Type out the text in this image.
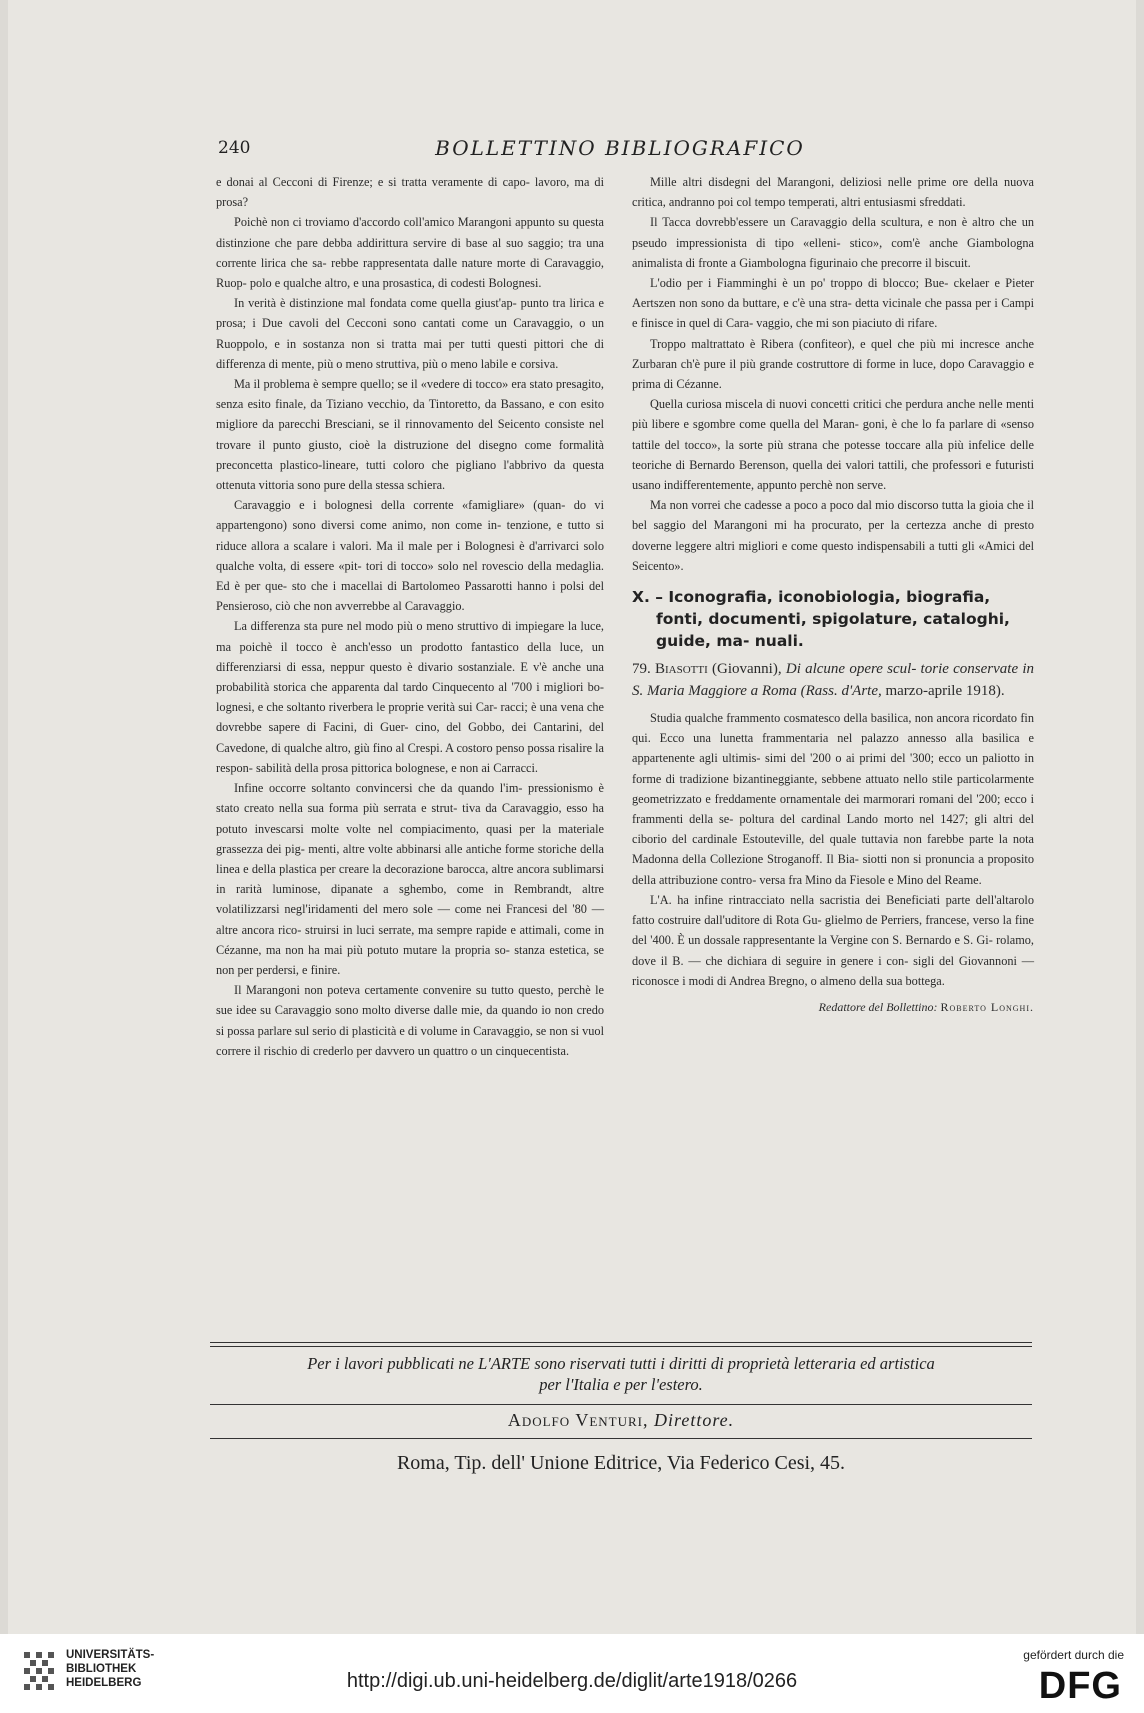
240	BOLLETTINO BIBLIOGRAFICO

e donai al Cecconi di Firenze; e si tratta veramente di capo- lavoro, ma di prosa?

Poichè non ci troviamo d'accordo coll'amico Marangoni appunto su questa distinzione che pare debba addirittura servire di base al suo saggio; tra una corrente lirica che sa- rebbe rappresentata dalle nature morte di Caravaggio, Ruop- polo e qualche altro, e una prosastica, di codesti Bolognesi.

In verità è distinzione mal fondata come quella giust'ap- punto tra lirica e prosa; i Due cavoli del Cecconi sono cantati come un Caravaggio, o un Ruoppolo, e in sostanza non si tratta mai per tutti questi pittori che di differenza di mente, più o meno struttiva, più o meno labile e corsiva.

Ma il problema è sempre quello; se il «vedere di tocco» era stato presagito, senza esito finale, da Tiziano vecchio, da Tintoretto, da Bassano, e con esito migliore da parecchi Bresciani, se il rinnovamento del Seicento consiste nel trovare il punto giusto, cioè la distruzione del disegno come formalità preconcetta plastico-lineare, tutti coloro che pigliano l'abbrivo da questa ottenuta vittoria sono pure della stessa schiera.

Caravaggio e i bolognesi della corrente «famigliare» (quan- do vi appartengono) sono diversi come animo, non come in- tenzione, e tutto si riduce allora a scalare i valori. Ma il male per i Bolognesi è d'arrivarci solo qualche volta, di essere «pit- tori di tocco» solo nel rovescio della medaglia. Ed è per que- sto che i macellai di Bartolomeo Passarotti hanno i polsi del Pensieroso, ciò che non avverrebbe al Caravaggio.

La differenza sta pure nel modo più o meno struttivo di impiegare la luce, ma poichè il tocco è anch'esso un prodotto fantastico della luce, un differenziarsi di essa, neppur questo è divario sostanziale. E v'è anche una probabilità storica che apparenta dal tardo Cinquecento al '700 i migliori bo- lognesi, e che soltanto riverbera le proprie verità sui Car- racci; è una vena che dovrebbe sapere di Facini, di Guer- cino, del Gobbo, dei Cantarini, del Cavedone, di qualche altro, giù fino al Crespi. A costoro penso possa risalire la respon- sabilità della prosa pittorica bolognese, e non ai Carracci.

Infine occorre soltanto convincersi che da quando l'im- pressionismo è stato creato nella sua forma più serrata e strut- tiva da Caravaggio, esso ha potuto invescarsi molte volte nel compiacimento, quasi per la materiale grassezza dei pig- menti, altre volte abbinarsi alle antiche forme storiche della linea e della plastica per creare la decorazione barocca, altre ancora sublimarsi in rarità luminose, dipanate a sghembo, come in Rembrandt, altre volatilizzarsi negl'iridamenti del mero sole — come nei Francesi del '80 — altre ancora rico- struirsi in luci serrate, ma sempre rapide e attimali, come in Cézanne, ma non ha mai più potuto mutare la propria so- stanza estetica, se non per perdersi, e finire.

Il Marangoni non poteva certamente convenire su tutto questo, perchè le sue idee su Caravaggio sono molto diverse dalle mie, da quando io non credo si possa parlare sul serio di plasticità e di volume in Caravaggio, se non si vuol correre il rischio di crederlo per davvero un quattro o un cinquecentista.

Mille altri disdegni del Marangoni, deliziosi nelle prime ore della nuova critica, andranno poi col tempo temperati, altri entusiasmi sfreddati.

Il Tacca dovrebb'essere un Caravaggio della scultura, e non è altro che un pseudo impressionista di tipo «elleni- stico», com'è anche Giambologna animalista di fronte a Giambologna figurinaio che precorre il biscuit.

L'odio per i Fiamminghi è un po' troppo di blocco; Bue- ckelaer e Pieter Aertszen non sono da buttare, e c'è una stra- detta vicinale che passa per i Campi e finisce in quel di Cara- vaggio, che mi son piaciuto di rifare.

Troppo maltrattato è Ribera (confiteor), e quel che più mi incresce anche Zurbaran ch'è pure il più grande costruttore di forme in luce, dopo Caravaggio e prima di Cézanne.

Quella curiosa miscela di nuovi concetti critici che perdura anche nelle menti più libere e sgombre come quella del Maran- goni, è che lo fa parlare di «senso tattile del tocco», la sorte più strana che potesse toccare alla più infelice delle teoriche di Bernardo Berenson, quella dei valori tattili, che professori e futuristi usano indifferentemente, appunto perchè non serve.

Ma non vorrei che cadesse a poco a poco dal mio discorso tutta la gioia che il bel saggio del Marangoni mi ha procurato, per la certezza anche di presto doverne leggere altri migliori e come questo indispensabili a tutti gli «Amici del Seicento».

X. – Iconografia, iconobiologia, biografia, fonti, documenti, spigolature, cataloghi, guide, ma- nuali.
79. Biasotti (Giovanni), Di alcune opere scul- torie conservate in S. Maria Maggiore a Roma (Rass. d'Arte, marzo-aprile 1918).

Studia qualche frammento cosmatesco della basilica, non ancora ricordato fin qui. Ecco una lunetta frammentaria nel palazzo annesso alla basilica e appartenente agli ultimis- simi del '200 o ai primi del '300; ecco un paliotto in forme di tradizione bizantineggiante, sebbene attuato nello stile particolarmente geometrizzato e freddamente ornamentale dei marmorari romani del '200; ecco i frammenti della se- poltura del cardinal Lando morto nel 1427; gli altri del ciborio del cardinale Estouteville, del quale tuttavia non farebbe parte la nota Madonna della Collezione Stroganoff. Il Bia- siotti non si pronuncia a proposito della attribuzione contro- versa fra Mino da Fiesole e Mino del Reame.

L'A. ha infine rintracciato nella sacristia dei Beneficiati parte dell'altarolo fatto costruire dall'uditore di Rota Gu- glielmo de Perriers, francese, verso la fine del '400. È un dossale rappresentante la Vergine con S. Bernardo e S. Gi- rolamo, dove il B. — che dichiara di seguire in genere i con- sigli del Giovannoni — riconosce i modi di Andrea Bregno, o almeno della sua bottega.

Redattore del Bollettino: Roberto Longhi.
Per i lavori pubblicati ne L'ARTE sono riservati tutti i diritti di proprietà letteraria ed artistica
per l'Italia e per l'estero.
Adolfo Venturi, Direttore.
Roma, Tip. dell' Unione Editrice, Via Federico Cesi, 45.
UNIVERSITÄTS-
BIBLIOTHEK
HEIDELBERG	http://digi.ub.uni-heidelberg.de/diglit/arte1918/0266
gefördert durch die
DFG
